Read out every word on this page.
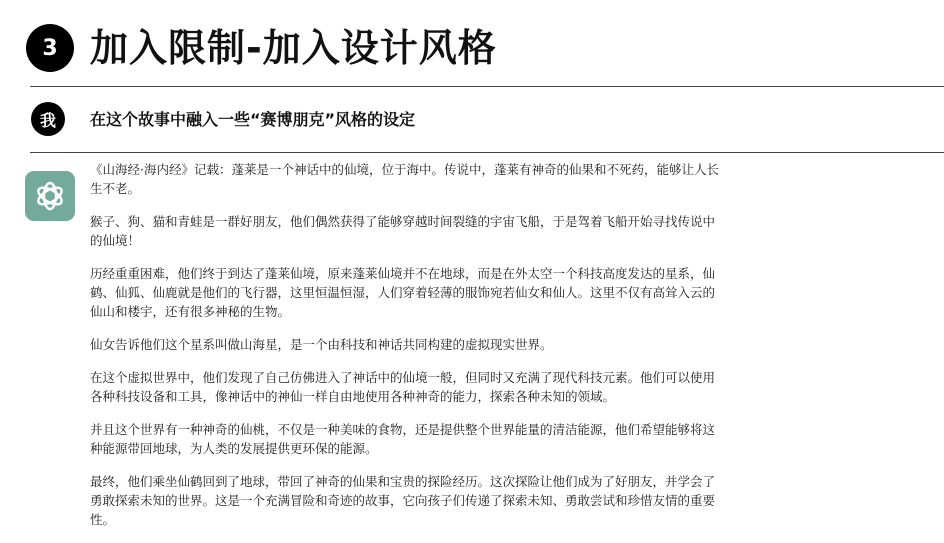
3 加入限制-加入设计风格
我	在这个故事中融入一些“赛博朋克”风格的设定

《山海经·海内经》记载：蓬莱是一个神话中的仙境，位于海中。传说中，蓬莱有神奇的仙果和不死药，能够让人长生不老。

猴子、狗、猫和青蛙是一群好朋友，他们偶然获得了能够穿越时间裂缝的宇宙飞船，于是驾着飞船开始寻找传说中的仙境！

历经重重困难，他们终于到达了蓬莱仙境，原来蓬莱仙境并不在地球，而是在外太空一个科技高度发达的星系，仙鹤、仙狐、仙鹿就是他们的飞行器，这里恒温恒湿，人们穿着轻薄的服饰宛若仙女和仙人。这里不仅有高耸入云的仙山和楼宇，还有很多神秘的生物。

仙女告诉他们这个星系叫做山海星，是一个由科技和神话共同构建的虚拟现实世界。

在这个虚拟世界中，他们发现了自己仿佛进入了神话中的仙境一般，但同时又充满了现代科技元素。他们可以使用各种科技设备和工具，像神话中的神仙一样自由地使用各种神奇的能力，探索各种未知的领域。

并且这个世界有一种神奇的仙桃，不仅是一种美味的食物，还是提供整个世界能量的清洁能源，他们希望能够将这种能源带回地球，为人类的发展提供更环保的能源。

最终，他们乘坐仙鹤回到了地球，带回了神奇的仙果和宝贵的探险经历。这次探险让他们成为了好朋友，并学会了勇敢探索未知的世界。这是一个充满冒险和奇迹的故事，它向孩子们传递了探索未知、勇敢尝试和珍惜友情的重要性。
